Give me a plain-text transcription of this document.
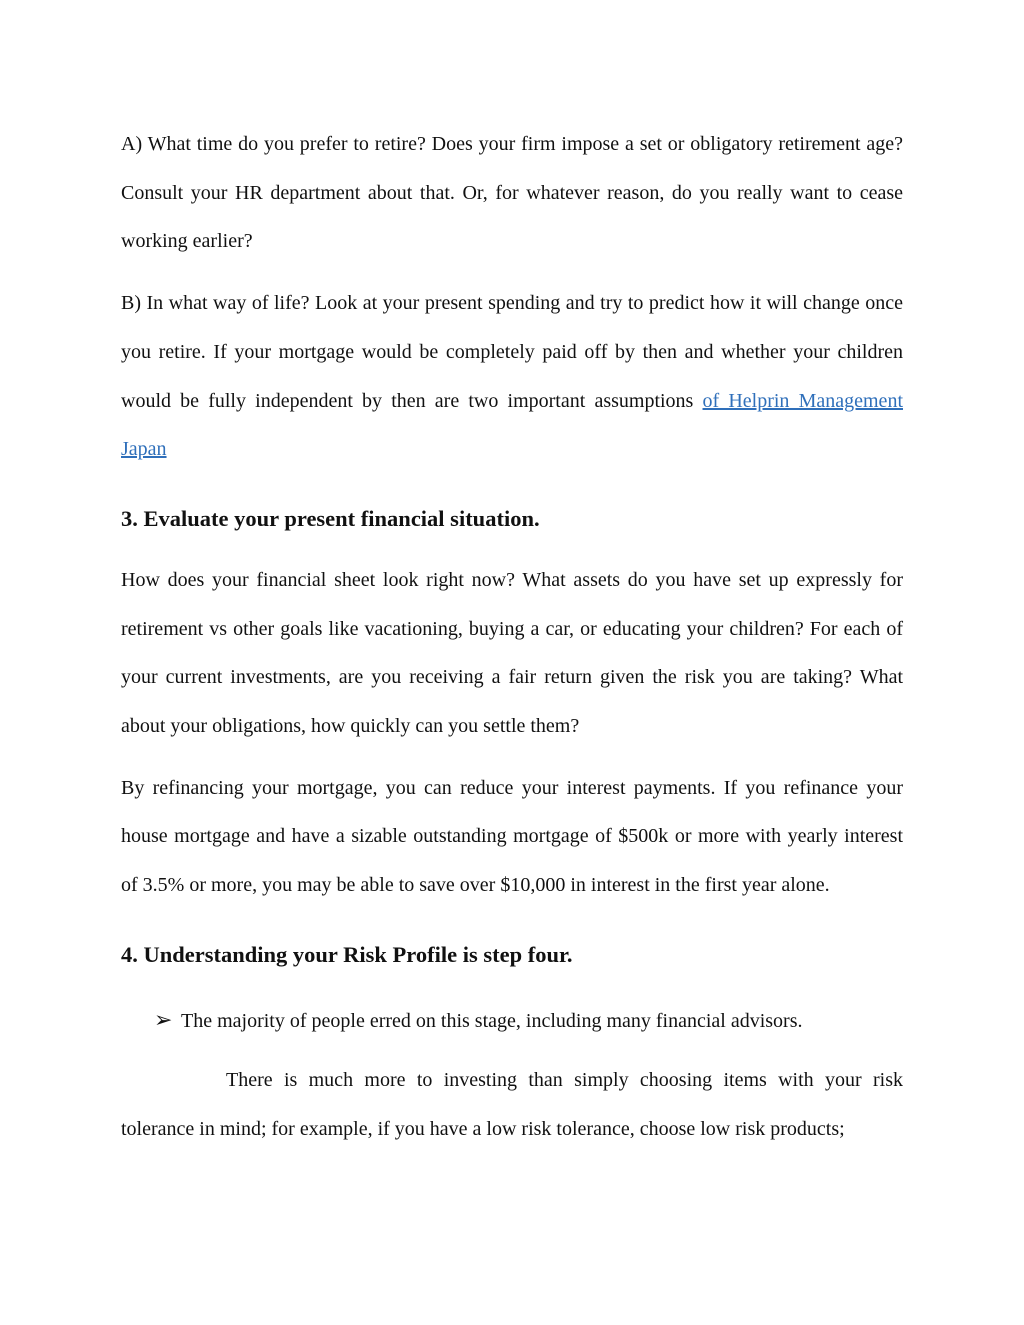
A) What time do you prefer to retire? Does your firm impose a set or obligatory retirement age? Consult your HR department about that. Or, for whatever reason, do you really want to cease working earlier?

B) In what way of life? Look at your present spending and try to predict how it will change once you retire. If your mortgage would be completely paid off by then and whether your children would be fully independent by then are two important assumptions of Helprin Management Japan

3. Evaluate your present financial situation.

How does your financial sheet look right now? What assets do you have set up expressly for retirement vs other goals like vacationing, buying a car, or educating your children? For each of your current investments, are you receiving a fair return given the risk you are taking? What about your obligations, how quickly can you settle them?

By refinancing your mortgage, you can reduce your interest payments. If you refinance your house mortgage and have a sizable outstanding mortgage of $500k or more with yearly interest of 3.5% or more, you may be able to save over $10,000 in interest in the first year alone.

4. Understanding your Risk Profile is step four.
➢ The majority of people erred on this stage, including many financial advisors.

There is much more to investing than simply choosing items with your risk tolerance in mind; for example, if you have a low risk tolerance, choose low risk products;
